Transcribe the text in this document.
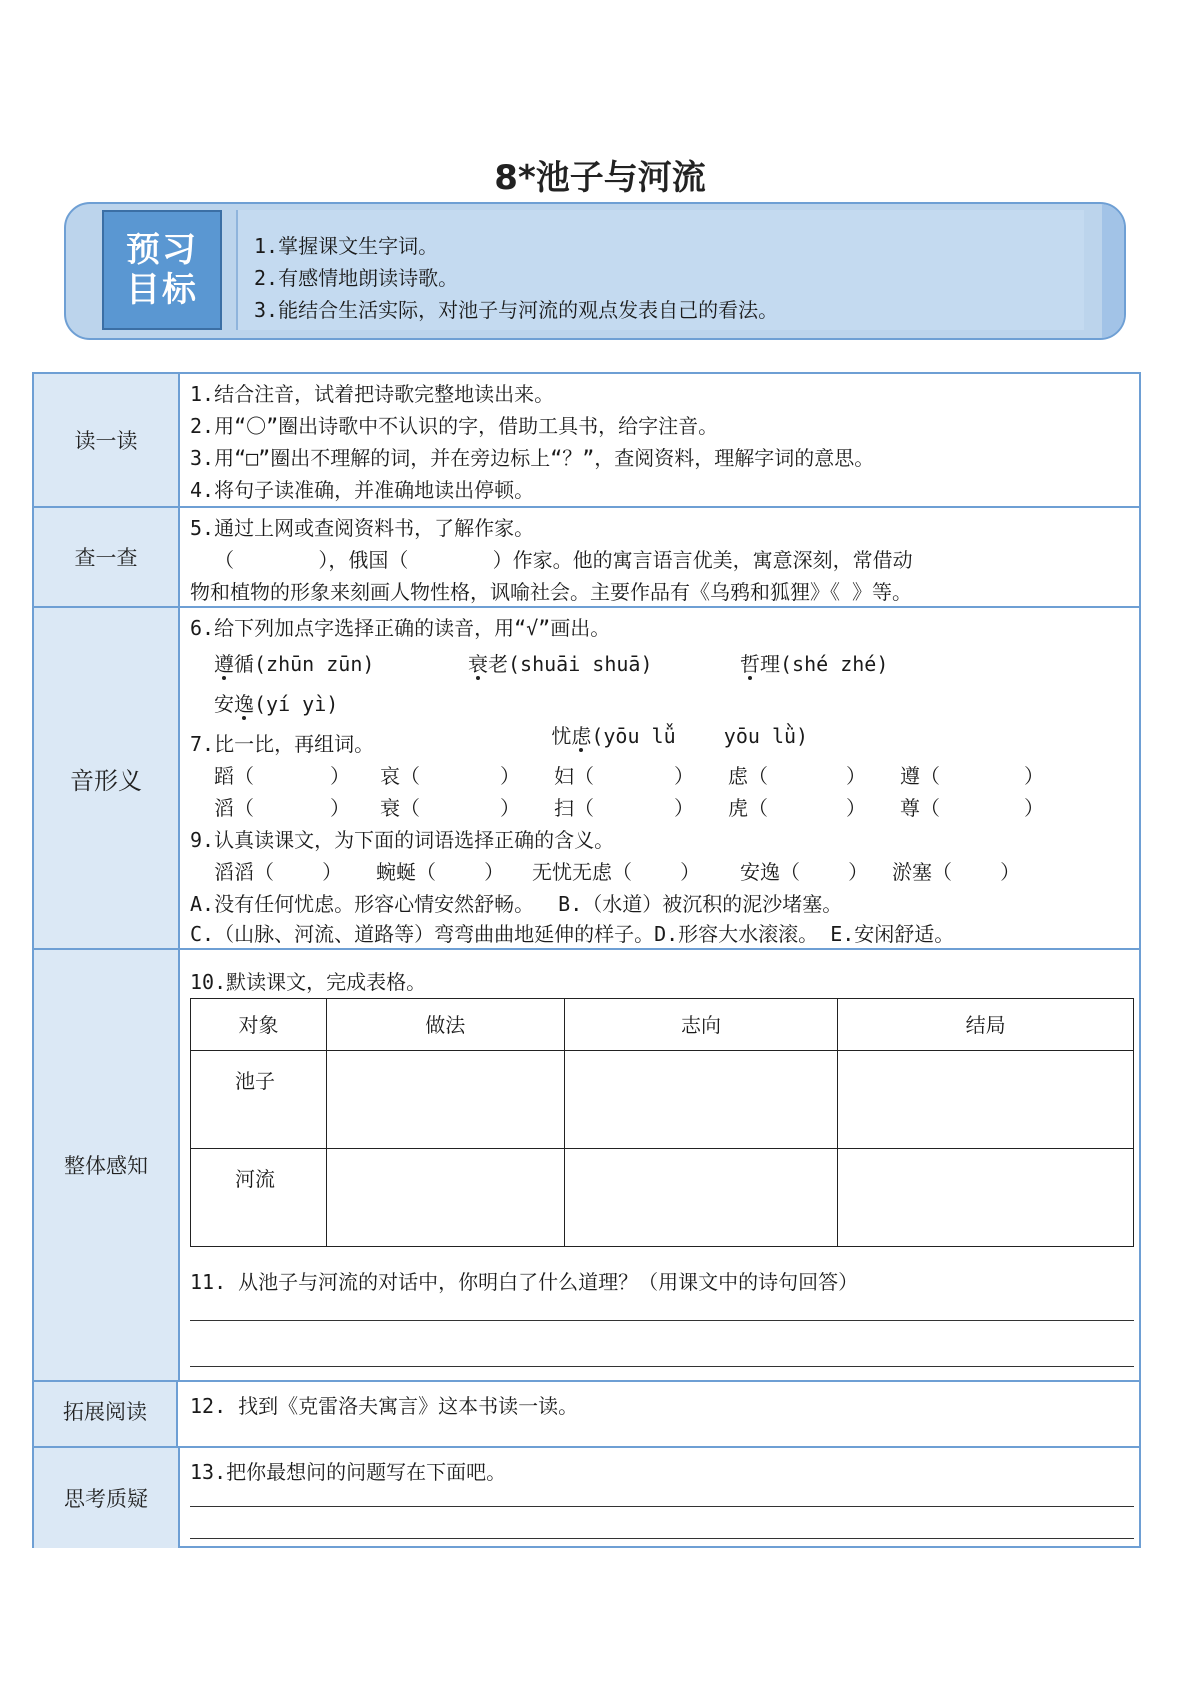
8*池子与河流
预习
目标
1.掌握课文生字词。
2.有感情地朗读诗歌。
3.能结合生活实际，对池子与河流的观点发表自己的看法。
读一读
1.结合注音，试着把诗歌完整地读出来。
2.用“〇”圈出诗歌中不认识的字，借助工具书，给字注音。
3.用“□”圈出不理解的词，并在旁边标上“？”，查阅资料，理解字词的意思。
4.将句子读准确，并准确地读出停顿。
查一查
5.通过上网或查阅资料书，了解作家。
（       ），俄国（       ）作家。他的寓言语言优美，寓意深刻，常借动
物和植物的形象来刻画人物性格，讽喻社会。主要作品有《乌鸦和狐狸》《 》等。
音形义
6.给下列加点字选择正确的读音，用“√”画出。
遵循(zhūn zūn)	衰老(shuāi shuā)	哲理(shé zhé)
安逸(yí yì)

忧虑(yōu lǚ    yōu lǜ)

7.比一比，再组词。
蹈（	） 哀（	） 妇（	） 虑（	） 遵（	）
滔（	） 衰（	） 扫（	） 虎（	） 尊（	）
9.认真读课文，为下面的词语选择正确的含义。
滔滔（    ） 蜿蜒（    ） 无忧无虑（    ） 安逸（    ） 淤塞（    ）
A.没有任何忧虑。形容心情安然舒畅。  B.（水道）被沉积的泥沙堵塞。
C.（山脉、河流、道路等）弯弯曲曲地延伸的样子。D.形容大水滚滚。 E.安闲舒适。
整体感知
10.默读课文，完成表格。
对象	做法	志向	结局
池子			
河流			
11. 从池子与河流的对话中，你明白了什么道理？（用课文中的诗句回答）
拓展阅读	12. 找到《克雷洛夫寓言》这本书读一读。
思考质疑
13.把你最想问的问题写在下面吧。
